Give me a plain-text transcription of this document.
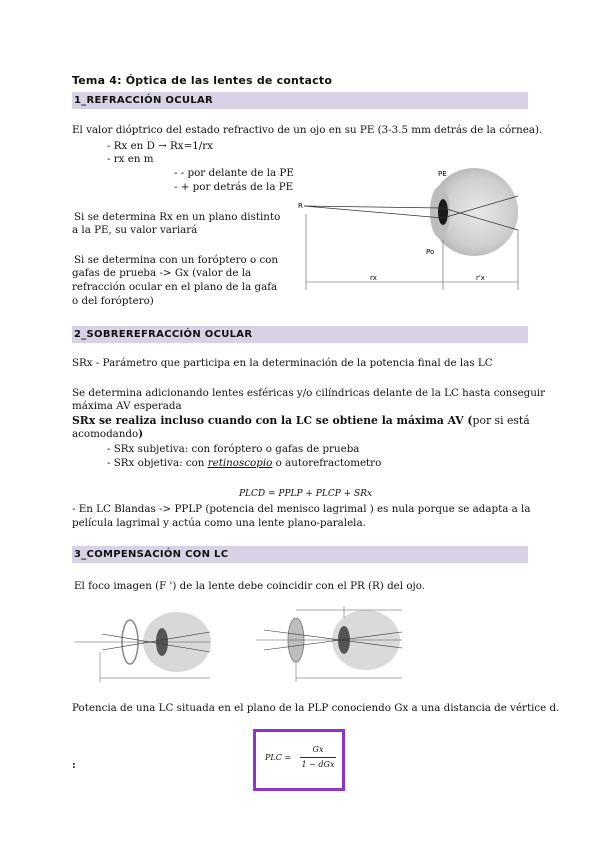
Tema 4: Óptica de las lentes de contacto
1_REFRACCIÓN OCULAR
El valor dióptrico del estado refractivo de un ojo en su PE (3-3.5 mm detrás de la córnea).
- Rx en D → Rx=1/rx
- rx en m
- - por delante de la PE
- + por detrás de la PE
Si se determina Rx en un plano distinto
a la PE, su valor variará
Si se determina con un foróptero o con
gafas de prueba -> Gx (valor de la
refracción ocular en el plano de la gafa
o del foróptero)
R
PE
Po
rx	r'x
2_SOBREREFRACCIÓN OCULAR
SRx - Parámetro que participa en la determinación de la potencia final de las LC
Se determina adicionando lentes esféricas y/o cilíndricas delante de la LC hasta conseguir
máxima AV esperada
SRx se realiza incluso cuando con la LC se obtiene la máxima AV (por si está
acomodando)
- SRx subjetiva: con foróptero o gafas de prueba
- SRx objetiva: con retinoscopio o autorefractometro
PLCD = PPLP + PLCP + SRx
- En LC Blandas -> PPLP (potencia del menisco lagrimal ) es nula porque se adapta a la
película lagrimal y actúa como una lente plano-paralela.
3_COMPENSACIÓN CON LC
El foco imagen (F ') de la lente debe coincidir con el PR (R) del ojo.
Potencia de una LC situada en el plano de la PLP conociendo Gx a una distancia de vértice d.
:
PLC =
Gx
1 − dGx
